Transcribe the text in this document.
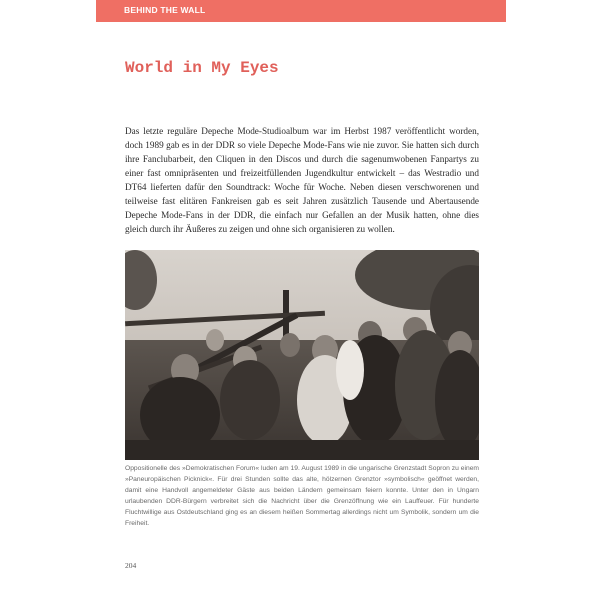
BEHIND THE WALL
World in My Eyes

Das letzte reguläre Depeche Mode-Studioalbum war im Herbst 1987 veröffentlicht worden, doch 1989 gab es in der DDR so viele Depeche Mode-Fans wie nie zuvor. Sie hatten sich durch ihre Fanclubarbeit, den Cliquen in den Discos und durch die sagenumwobenen Fanpartys zu einer fast omnipräsenten und freizeitfüllenden Jugendkultur entwickelt – das Westradio und DT64 lieferten dafür den Soundtrack: Woche für Woche. Neben diesen verschworenen und teilweise fast elitären Fankreisen gab es seit Jahren zusätzlich Tausende und Abertausende Depeche Mode-Fans in der DDR, die einfach nur Gefallen an der Musik hatten, ohne dies gleich durch ihr Äußeres zu zeigen und ohne sich organisieren zu wollen.

Oppositionelle des »Demokratischen Forum« luden am 19. August 1989 in die ungarische Grenzstadt Sopron zu einem »Paneuropäischen Picknick«. Für drei Stunden sollte das alte, hölzernen Grenztor »symbolisch« geöffnet werden, damit eine Handvoll angemeldeter Gäste aus beiden Ländern gemeinsam feiern konnte. Unter den in Ungarn urlaubenden DDR-Bürgern verbreitet sich die Nachricht über die Grenzöffnung wie ein Lauffeuer. Für hunderte Fluchtwillige aus Ostdeutschland ging es an diesem heißen Sommertag allerdings nicht um Symbolik, sondern um die Freiheit.

204
